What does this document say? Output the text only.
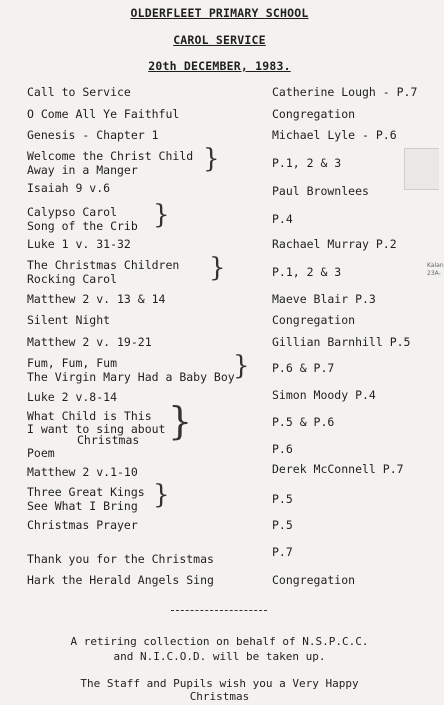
OLDERFLEET PRIMARY SCHOOL
CAROL SERVICE
20th DECEMBER, 1983.
Call to Service	Catherine Lough - P.7
O Come All Ye Faithful	Congregation
Genesis - Chapter 1	Michael Lyle - P.6
Welcome the Christ Child
Away in a Manger	}	P.1, 2 & 3
Isaiah 9 v.6	Paul Brownlees
Calypso Carol
Song of the Crib }	P.4
Luke 1 v. 31-32	Rachael Murray P.2
The Christmas Children
Rocking Carol	}	P.1, 2 & 3
Matthew 2 v. 13 & 14	Maeve Blair P.3
Silent Night	Congregation
Matthew 2 v. 19-21	Gillian Barnhill P.5
Fum, Fum, Fum
The Virgin Mary Had a Baby Boy
} P.6 & P.7
Luke 2 v.8-14	Simon Moody P.4
What Child is This
I want to sing about
Christmas }	P.5 & P.6
Poem	P.6
Matthew 2 v.1-10	Derek McConnell P.7
Three Great Kings
See What I Bring }	P.5
Christmas Prayer	P.5
Thank you for the Christmas	P.7
Hark the Herald Angels Sing	Congregation
A retiring collection on behalf of N.S.P.C.C.
and N.I.C.O.D. will be taken up.
The Staff and Pupils wish you a Very Happy
Christmas
Kalan
23A-
